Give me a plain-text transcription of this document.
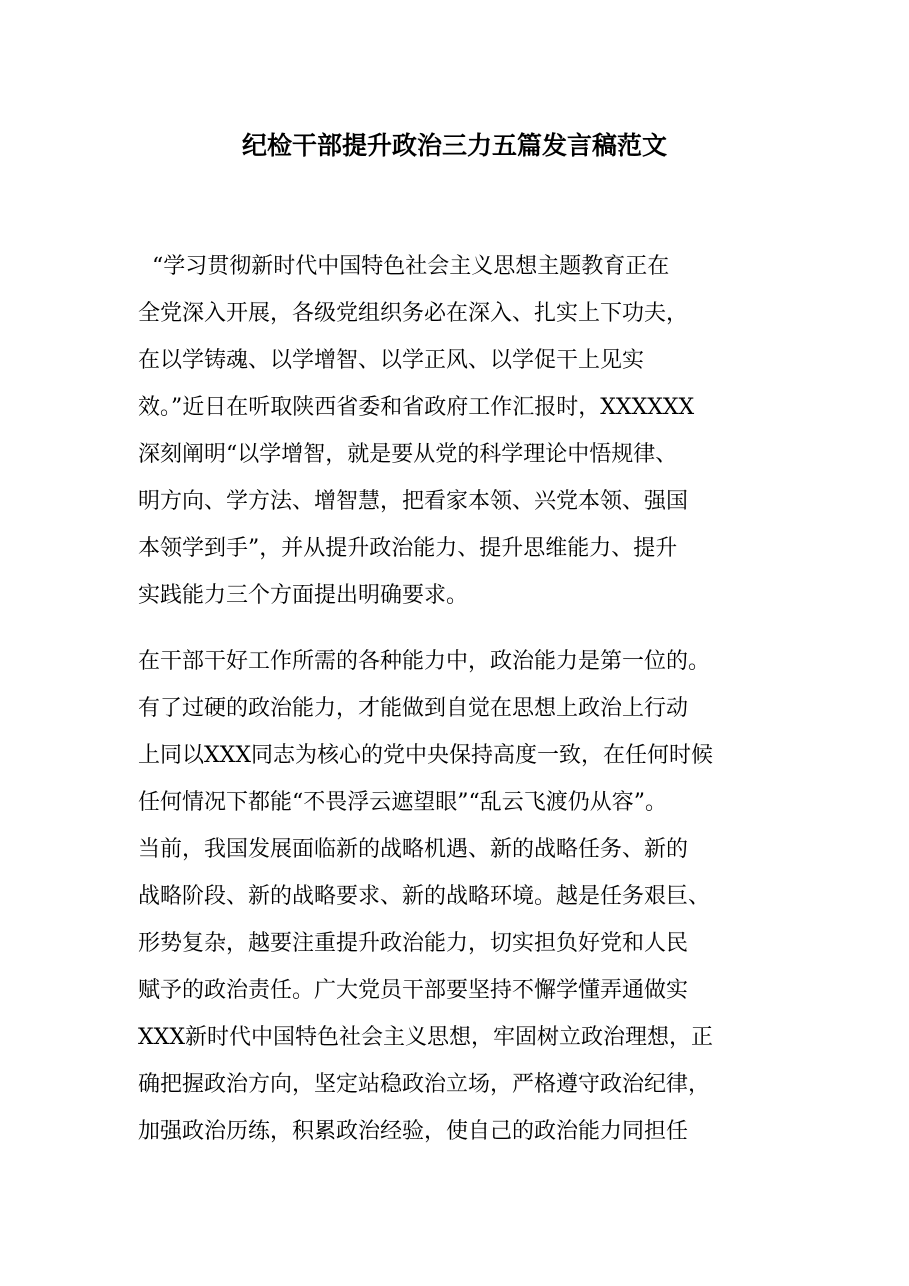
纪检干部提升政治三力五篇发言稿范文
“学习贯彻新时代中国特色社会主义思想主题教育正在
全党深入开展，各级党组织务必在深入、扎实上下功夫，
在以学铸魂、以学增智、以学正风、以学促干上见实
效。”近日在听取陕西省委和省政府工作汇报时，XXXXXX
深刻阐明“以学增智，就是要从党的科学理论中悟规律、
明方向、学方法、增智慧，把看家本领、兴党本领、强国
本领学到手”，并从提升政治能力、提升思维能力、提升
实践能力三个方面提出明确要求。
在干部干好工作所需的各种能力中，政治能力是第一位的。
有了过硬的政治能力，才能做到自觉在思想上政治上行动
上同以XXX同志为核心的党中央保持高度一致，在任何时候
任何情况下都能“不畏浮云遮望眼”“乱云飞渡仍从容”。
当前，我国发展面临新的战略机遇、新的战略任务、新的
战略阶段、新的战略要求、新的战略环境。越是任务艰巨、
形势复杂，越要注重提升政治能力，切实担负好党和人民
赋予的政治责任。广大党员干部要坚持不懈学懂弄通做实
XXX新时代中国特色社会主义思想，牢固树立政治理想，正
确把握政治方向，坚定站稳政治立场，严格遵守政治纪律，
加强政治历练，积累政治经验，使自己的政治能力同担任
